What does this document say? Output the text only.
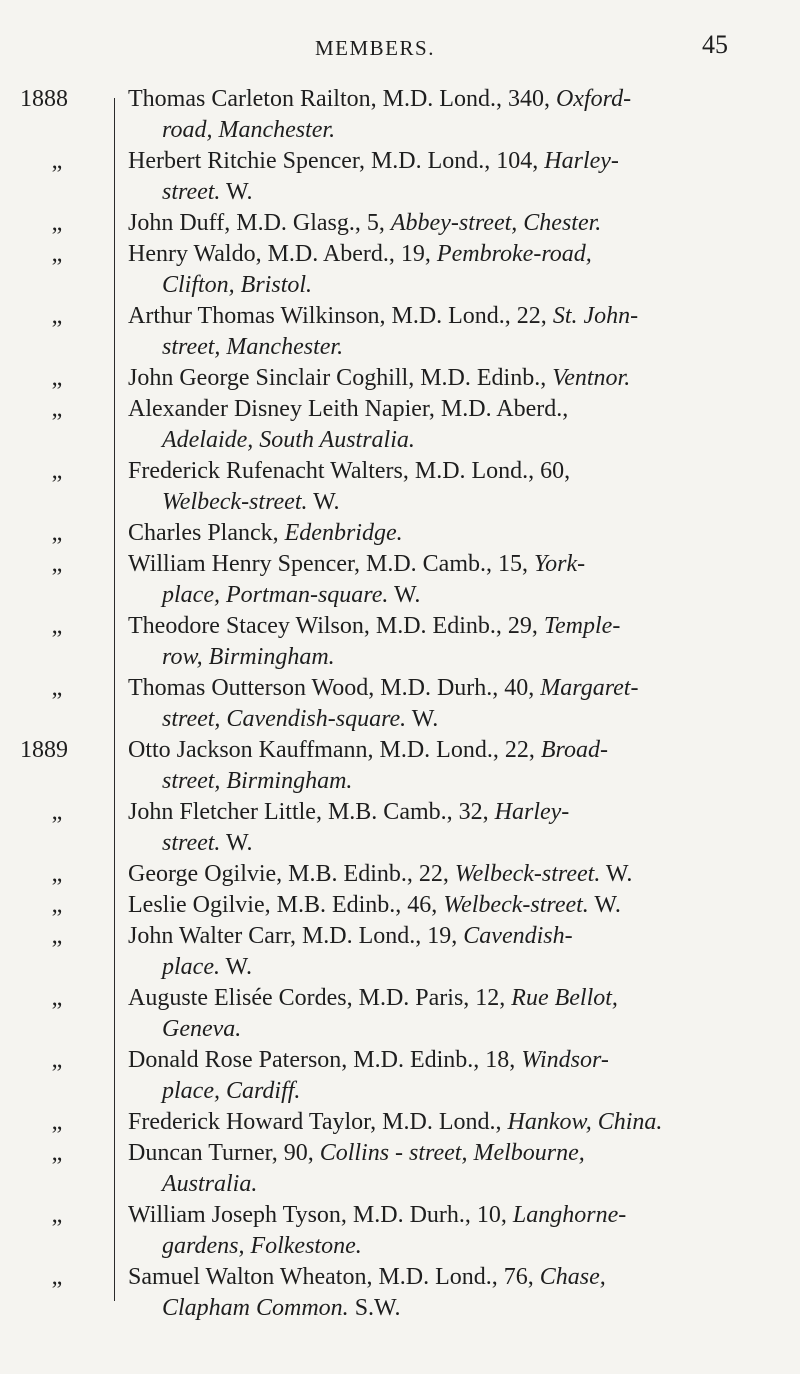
MEMBERS.	45
1888	Thomas Carleton Railton, M.D. Lond., 340, Oxford-
road, Manchester.
„	Herbert Ritchie Spencer, M.D. Lond., 104, Harley-
street. W.
„	John Duff, M.D. Glasg., 5, Abbey-street, Chester.
„	Henry Waldo, M.D. Aberd., 19, Pembroke-road,
Clifton, Bristol.
„	Arthur Thomas Wilkinson, M.D. Lond., 22, St. John-
street, Manchester.
„	John George Sinclair Coghill, M.D. Edinb., Ventnor.
„	Alexander Disney Leith Napier, M.D. Aberd.,
Adelaide, South Australia.
„	Frederick Rufenacht Walters, M.D. Lond., 60,
Welbeck-street. W.
„	Charles Planck, Edenbridge.
„	William Henry Spencer, M.D. Camb., 15, York-
place, Portman-square. W.
„	Theodore Stacey Wilson, M.D. Edinb., 29, Temple-
row, Birmingham.
„	Thomas Outterson Wood, M.D. Durh., 40, Margaret-
street, Cavendish-square. W.
1889	Otto Jackson Kauffmann, M.D. Lond., 22, Broad-
street, Birmingham.
„	John Fletcher Little, M.B. Camb., 32, Harley-
street. W.
„	George Ogilvie, M.B. Edinb., 22, Welbeck-street. W.
„	Leslie Ogilvie, M.B. Edinb., 46, Welbeck-street. W.
„	John Walter Carr, M.D. Lond., 19, Cavendish-
place. W.
„	Auguste Elisée Cordes, M.D. Paris, 12, Rue Bellot,
Geneva.
„	Donald Rose Paterson, M.D. Edinb., 18, Windsor-
place, Cardiff.
„	Frederick Howard Taylor, M.D. Lond., Hankow, China.
„	Duncan Turner, 90, Collins - street, Melbourne,
Australia.
„	William Joseph Tyson, M.D. Durh., 10, Langhorne-
gardens, Folkestone.
„	Samuel Walton Wheaton, M.D. Lond., 76, Chase,
Clapham Common. S.W.
